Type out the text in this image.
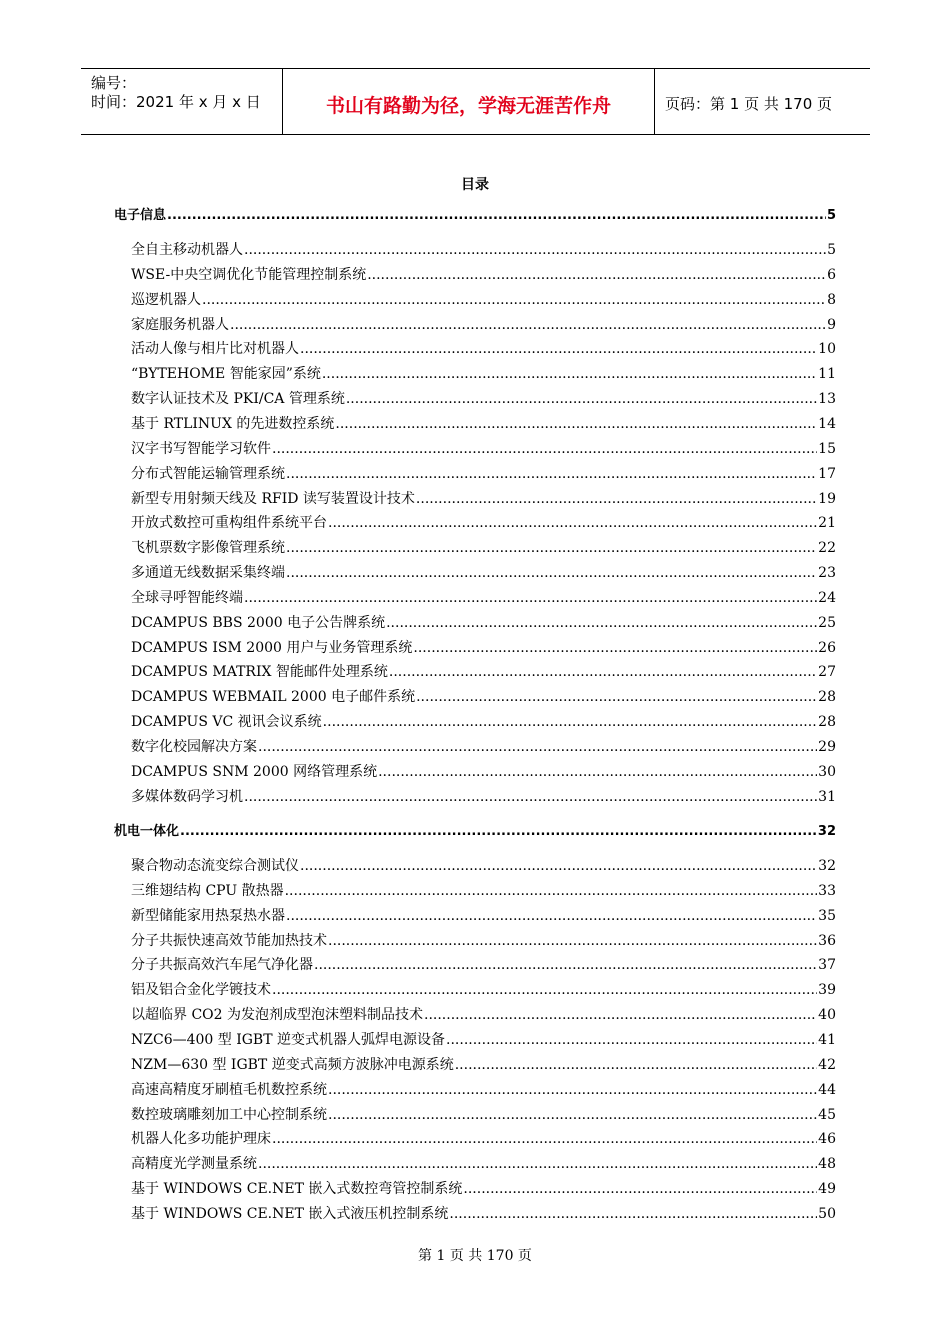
编号：
时间：2021 年 x 月 x 日	书山有路勤为径，学海无涯苦作舟	页码：第 1 页 共 170 页
目录
电子信息 .....	5
全自主移动机器人 .....	5
WSE-中央空调优化节能管理控制系统 .....	6
巡逻机器人 .....	8
家庭服务机器人 .....	9
活动人像与相片比对机器人 .....	10
“BYTEHOME 智能家园”系统 .....	11
数字认证技术及 PKI/CA 管理系统 .....	13
基于 RTLINUX 的先进数控系统 .....	14
汉字书写智能学习软件 .....	15
分布式智能运输管理系统 .....	17
新型专用射频天线及 RFID 读写装置设计技术 .....	19
开放式数控可重构组件系统平台 .....	21
飞机票数字影像管理系统 .....	22
多通道无线数据采集终端 .....	23
全球寻呼智能终端 .....	24
DCAMPUS BBS 2000 电子公告牌系统 .....	25
DCAMPUS ISM 2000 用户与业务管理系统 .....	26
DCAMPUS MATRIX 智能邮件处理系统 .....	27
DCAMPUS WEBMAIL 2000 电子邮件系统 .....	28
DCAMPUS VC 视讯会议系统 .....	28
数字化校园解决方案 .....	29
DCAMPUS SNM 2000 网络管理系统 .....	30
多媒体数码学习机 .....	31
机电一体化 .....	32
聚合物动态流变综合测试仪 .....	32
三维翅结构 CPU 散热器 .....	33
新型储能家用热泵热水器 .....	35
分子共振快速高效节能加热技术 .....	36
分子共振高效汽车尾气净化器 .....	37
铝及铝合金化学镀技术 .....	39
以超临界 CO2 为发泡剂成型泡沫塑料制品技术 .....	40
NZC6—400 型 IGBT 逆变式机器人弧焊电源设备 .....	41
NZM—630 型 IGBT 逆变式高频方波脉冲电源系统 .....	42
高速高精度牙刷植毛机数控系统 .....	44
数控玻璃雕刻加工中心控制系统 .....	45
机器人化多功能护理床 .....	46
高精度光学测量系统 .....	48
基于 WINDOWS CE.NET 嵌入式数控弯管控制系统 .....	49
基于 WINDOWS CE.NET 嵌入式液压机控制系统 .....	50
第 1 页 共 170 页
